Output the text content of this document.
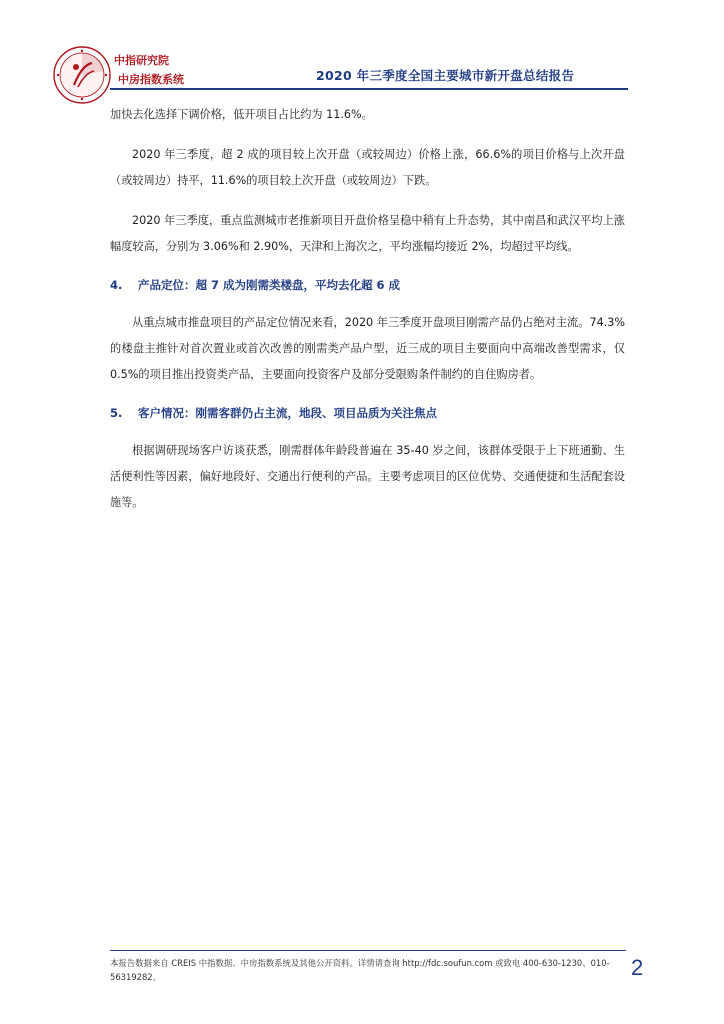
中指研究院
中房指数系统	2020 年三季度全国主要城市新开盘总结报告

加快去化选择下调价格，低开项目占比约为 11.6%。

2020 年三季度，超 2 成的项目较上次开盘（或较周边）价格上涨，66.6%的项目价格与上次开盘（或较周边）持平，11.6%的项目较上次开盘（或较周边）下跌。

2020 年三季度，重点监测城市老推新项目开盘价格呈稳中稍有上升态势，其中南昌和武汉平均上涨幅度较高，分别为 3.06%和 2.90%，天津和上海次之，平均涨幅均接近 2%，均超过平均线。

4. 产品定位：超 7 成为刚需类楼盘，平均去化超 6 成

从重点城市推盘项目的产品定位情况来看，2020 年三季度开盘项目刚需产品仍占绝对主流。74.3%的楼盘主推针对首次置业或首次改善的刚需类产品户型，近三成的项目主要面向中高端改善型需求，仅 0.5%的项目推出投资类产品，主要面向投资客户及部分受限购条件制约的自住购房者。

5. 客户情况：刚需客群仍占主流，地段、项目品质为关注焦点

根据调研现场客户访谈获悉，刚需群体年龄段普遍在 35-40 岁之间，该群体受限于上下班通勤、生活便利性等因素，偏好地段好、交通出行便利的产品。主要考虑项目的区位优势、交通便捷和生活配套设施等。

本报告数据来自 CREIS 中指数据、中房指数系统及其他公开资料。详情请查询 http://fdc.soufun.com 或致电 400-630-1230、010-56319282。	2
